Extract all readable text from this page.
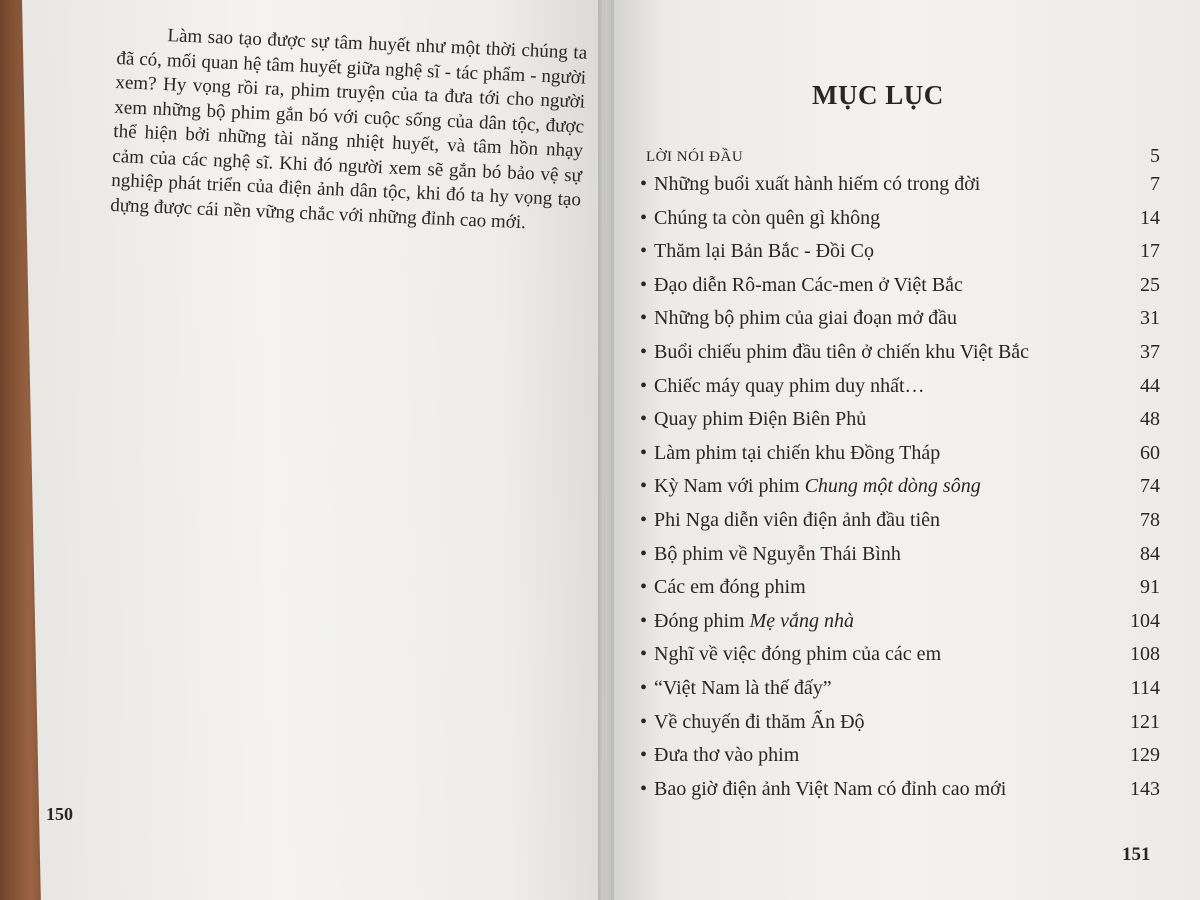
Làm sao tạo được sự tâm huyết như một thời chúng ta đã có, mối quan hệ tâm huyết giữa nghệ sĩ - tác phẩm - người xem? Hy vọng rồi ra, phim truyện của ta đưa tới cho người xem những bộ phim gắn bó với cuộc sống của dân tộc, được thể hiện bởi những tài năng nhiệt huyết, và tâm hồn nhạy cảm của các nghệ sĩ. Khi đó người xem sẽ gắn bó bảo vệ sự nghiệp phát triển của điện ảnh dân tộc, khi đó ta hy vọng tạo dựng được cái nền vững chắc với những đỉnh cao mới.

150
MỤC LỤC
LỜI NÓI ĐẦU	5
• Những buổi xuất hành hiếm có trong đời	7
• Chúng ta còn quên gì không	14
• Thăm lại Bản Bắc - Đồi Cọ	17
• Đạo diễn Rô-man Các-men ở Việt Bắc	25
• Những bộ phim của giai đoạn mở đầu	31
• Buổi chiếu phim đầu tiên ở chiến khu Việt Bắc	37
• Chiếc máy quay phim duy nhất…	44
• Quay phim Điện Biên Phủ	48
• Làm phim tại chiến khu Đồng Tháp	60
• Kỳ Nam với phim Chung một dòng sông	74
• Phi Nga diễn viên điện ảnh đầu tiên	78
• Bộ phim về Nguyễn Thái Bình	84
• Các em đóng phim	91
• Đóng phim Mẹ vắng nhà	104
• Nghĩ về việc đóng phim của các em	108
• “Việt Nam là thế đấy”	114
• Về chuyến đi thăm Ấn Độ	121
• Đưa thơ vào phim	129
• Bao giờ điện ảnh Việt Nam có đỉnh cao mới	143
151
